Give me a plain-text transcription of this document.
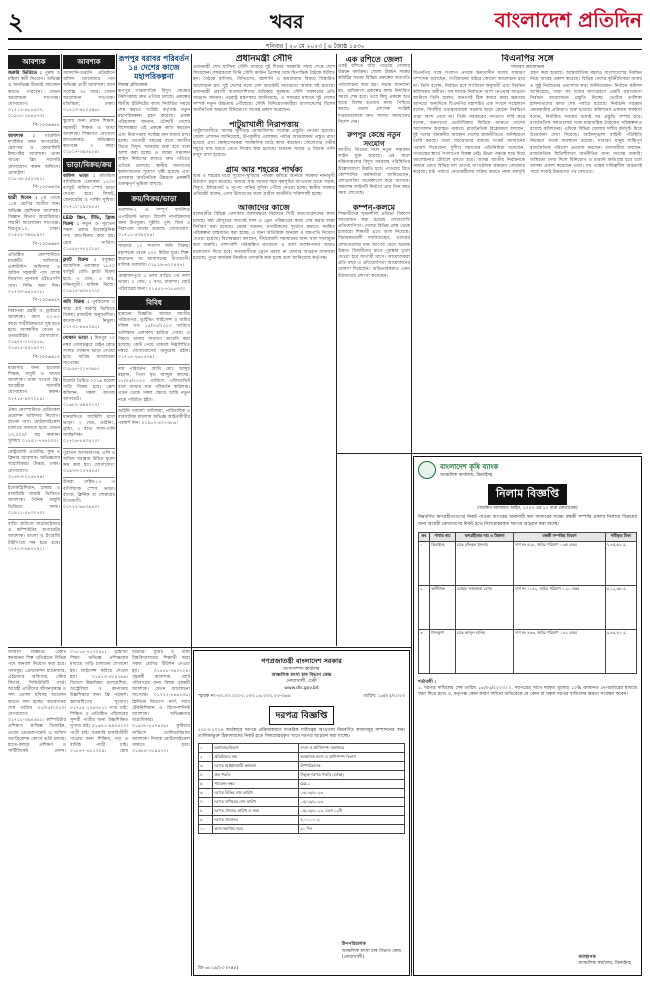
২	খবর	বাংলাদেশ প্রতিদিন
শনিবার | ২০ মে ২০২৩ | ৬ জ্যৈষ্ঠ ১৪৩০
আবশ্যক
জরুরি ভিত্তিতে : পুরুষ ও মহিলা কর্মী নিয়োগ। অভিজ্ঞ ও অনভিজ্ঞ উভয়ই আবেদন করতে পারবেন। বেতন আলোচনা সাপেক্ষে। যোগাযোগ: ০১৭১১-৪৮২৬৩০, ০১৯১৮-২৬৪৫৭৩।
পি-১২০৬৬৫৮
আবশ্যক : গার্মেন্টস ফ্যাক্টরির জন্য অপারেটর, হেলপার ও কোয়ালিটি ইন্সপেক্টর আবশ্যক। থাকা খাওয়া ফ্রি। সরাসরি যোগাযোগ করুন অফিসে। মোবাইল: ০১৮১৯-৫৫২৩৪১।
পি-১২০৬৬৩৯
ছাত্রী দিবেন : ৮ম থেকে ১০ম শ্রেণির ছাত্রীর জন্য অভিজ্ঞ গৃহশিক্ষক আবশ্যক। বিজ্ঞান বিভাগ অগ্রাধিকার। সম্মানী আলোচনা সাপেক্ষে। মিরপুর-১০, ঢাকা। ০১৫৫২-৩৪৬৮৯০।
পি-১২০৬৬৯৭
প্রতিষ্ঠিত কোম্পানিতে মার্কেটিং অফিসার, একাউন্টস অফিসার ও অফিস সহকারী পদে লোক নিয়োগ। ন্যূনতম এইচএসসি পাস। সিভি জমা দিন। ০১৭৩০-৬৫২৪১৮।
পি-১২০৬৬২৭
নিরাপত্তা প্রহরী ও ড্রাইভার আবশ্যক। বয়স ২২-৪০ বছর। শারীরিকভাবে সুস্থ হতে হবে। আকর্ষণীয় বেতন ও ওভারটাইম। যোগাযোগ: ০১৯৭৭-২৮৩৫১৬, ০১৬২৫-৪৪১৯০৭।
পি-১২০৬৬১০
মাদ্রাসার জন্য হাফেজ শিক্ষক, বাবুর্চি ও খাদেম আবশ্যক। থাকা খাওয়া ফ্রি। আগ্রহীরা সরাসরি যোগাযোগ করুন। ০১৭১৫-৯০৩২৮৪।
ঔষধ কোম্পানিতে মেডিকেল প্রমোশন অফিসার নিয়োগ। স্নাতক পাস। মোটরসাইকেল চালাতে জানতে হবে। বেতন ২০,০০০/- সহ অন্যান্য সুবিধা। ০১৮৪২-৭৭৬১০৩।
রেস্টুরেন্টে ওয়েটার, কুক ও ক্লিনার আবশ্যক। অভিজ্ঞদের অগ্রাধিকার। উত্তরা, ঢাকা। যোগাযোগ: ০১৬৭৩-২১৫৮৪৯।
ইলেকট্রিশিয়ান, প্লাম্বার ও রাজমিস্ত্রি জরুরি ভিত্তিতে আবশ্যক। দৈনিক মজুরি ভিত্তিতে কাজ। ০১৯১১-৫৮৩২৭০।
বায়িং হাউজে মার্চেন্ডাইজার ও কম্পিউটার অপারেটর আবশ্যক। বাংলা ও ইংরেজি টাইপিংয়ে দক্ষ হতে হবে। ০১৭৮৩-৬৪০২৯১।
আবশ্যক
আমদানি-রপ্তানি প্রতিষ্ঠানে অফিস ম্যানেজার পদে অভিজ্ঞ প্রার্থী আবশ্যক। বয়স সর্বোচ্চ ৩৫ বছর। বেতন আলোচনা সাপেক্ষে। মতিঝিল, ঢাকা। ০১৭১৩-৪৮২৫৯৬।
স্কুলের জন্য প্রধান শিক্ষক, সহকারী শিক্ষক ও আয়া আবশ্যক। শিক্ষাগত যোগ্যতা স্নাতকোত্তর। অভিজ্ঞতা কমপক্ষে ৩ বছর। ০১৮১৭-৩৯০৬২৪।
ভাড়া/বিক্রয়/ক্রয়
অফিস ভাড়া : মতিঝিল বাণিজ্যিক এলাকায় ১২০০ বর্গফুট অফিস স্পেস ভাড়া দেওয়া হবে। লিফট, জেনারেটর ও পার্কিং সুবিধা। ০১৭১১-২৯৩৪৮৫।
LED স্ক্রিন, টিভি, ফ্রিজ বিক্রয় : নতুন ও পুরাতন সকল প্রকার ইলেকট্রনিক্স পণ্য ক্রয়-বিক্রয় করা হয়। হোম সার্ভিস। ০১৫৫৫-৭৮২৩১৪।
ফ্ল্যাট বিক্রয় : বসুন্ধরা আবাসিক এলাকায় ১৮৫০ বর্গফুট রেডি ফ্ল্যাট বিক্রয় হবে। ৩ বেড, ৩ বাথ, দক্ষিণমুখী। মালিক নিজে। ০১৯১৫-৬৩৮২৭১।
জমি বিক্রয় : পূর্বাচলের ৩ কাঠা প্লট জরুরি ভিত্তিতে বিক্রয়। রাজউক অনুমোদিত। কাগজপত্র নির্ভুল। ০১৭৩১-৪৬৫০৯২।
দোকান ভাড়া : মিরপুর ১০ নম্বর গোলচত্বরে মেইন রোড সংলগ্ন দোকান ভাড়া দেওয়া হবে। অগ্রিম আলোচনা সাপেক্ষে। ০১৮৪৫-২১৭৩৬৮।
টয়োটা প্রিমিও ২০১৬ মডেল গাড়ি বিক্রয় হবে। ফ্রেশ কন্ডিশন, সকল কাগজ আপডেট। ০১৬৮২-৫৯৪০১৭।
ধানমন্ডিতে ফ্যামিলি বাসা ভাড়া। ২ বেড, ডাইনিং, ড্রয়িং, ২ বাথ। গ্যাস-পানি সার্বক্ষণিক। ০১৭২৬-৮৪৩৫১০।
পুরাতন আসবাবপত্র, এসি ও অফিস সরঞ্জাম উচিত মূল্যে ক্রয় করা হয়। যোগাযোগ: ০১৯৩৩-২০৭৪৮৫।
উত্তরা সেক্টর-১২ এ বাণিজ্যিক স্পেস ভাড়া। ব্যাংক, ক্লিনিক বা শোরুমের উপযোগী। ০১৭১২-৬৮৩৯৪০।
রূপপুর বরাবর পরিবর্তন ১৪ দেশের কাজে মহাপরিকল্পনা
নিজস্ব প্রতিবেদক
রূপপুর পারমাণবিক বিদ্যুৎ কেন্দ্রের নির্মাণকাজ দ্রুত এগিয়ে চলছে। প্রকল্পের দ্বিতীয় ইউনিটের কাজ নির্ধারিত সময়ে শেষ করতে সংশ্লিষ্ট কর্তৃপক্ষ নতুন মহাপরিকল্পনা গ্রহণ করেছে। প্রকল্প পরিচালক জানান, চৌদ্দটি দেশের বিশেষজ্ঞরা এই প্রকল্পে কাজ করছেন এবং নিরাপত্তার সর্বোচ্চ মান বজায় রাখা হচ্ছে। আগামী বছরের মধ্যে জাতীয় গ্রিডে বিদ্যুৎ সরবরাহ শুরু হবে বলে আশা করা হচ্ছে। এ লক্ষ্যে সঞ্চালন লাইন নির্মাণের কাজও দ্রুত গতিতে এগিয়ে চলেছে। স্থানীয় জনগণের কর্মসংস্থানের সুযোগ সৃষ্টি হয়েছে এবং এলাকার অর্থনৈতিক উন্নয়নে প্রকল্পটি গুরুত্বপূর্ণ ভূমিকা রাখছে।
ক্রয়/বিক্রয়/ভাড়া
গুলশান-২ এ সম্পূর্ণ ফার্নিশড এপার্টমেন্ট ভাড়া। বিদেশি নাগরিকদের জন্য উপযুক্ত। সুইমিং পুল, জিম ও নিরাপত্তা ব্যবস্থা রয়েছে। যোগাযোগ: ০১৭১১-৫৩৯২৮৪।
সাভারে ১০ শতাংশ জমি বিক্রয়। মহাসড়ক থেকে ২০০ মিটার দূরে। শিল্প-কারখানা বা আবাসনের উপযোগী। মালিক সরাসরি। ০১৮১৯-৬২০৪৫৭।
মোহাম্মদপুরে ৫ তলা বাড়ির ৩য় তলা ভাড়া। ৩ বেড, ২ বাথ, বারান্দা। ছোট পরিবারের জন্য। ০১৫৫২-৭১৮৬৩০।
বিবিধ
হারানো বিজ্ঞপ্তি: আমার জাতীয় পরিচয়পত্র, ড্রাইভিং লাইসেন্স ও জমির দলিল গত ১৫/০৫/২০২৩ তারিখে গুলিস্তান এলাকায় হারিয়ে গেছে। এ বিষয়ে থানায় সাধারণ ডায়েরি করা হয়েছে। কেউ পেয়ে থাকলে নিম্নলিখিত নম্বরে যোগাযোগের অনুরোধ রইল। ০১৭১৪-২৬৮৫৩৯।
নাম পরিবর্তন: আমি মোঃ আব্দুর রহমান, পিতা মৃত আব্দুল কাদের, ১৮/০৫/২০২৩ তারিখে এফিডেভিট বলে আমার নাম পরিবর্তন করিলাম। এখন থেকে সকল ক্ষেত্রে আমি নতুন নামে পরিচিত হইব।
আইনি পরামর্শ: জমিজমা, পারিবারিক ও ব্যবসায়িক মামলায় অভিজ্ঞ আইনজীবীর পরামর্শ নিন। ০১৯১২-৪০৭৩৮৬।
প্রধানমন্ত্রী সৌদি
প্রধানমন্ত্রী শেখ হাসিনা সৌদি আরবে দুই দিনের সরকারি সফর শেষে দেশে ফিরেছেন। সফরকালে তিনি সৌদি ক্রাউন প্রিন্সের সঙ্গে দ্বিপাক্ষিক বৈঠকে মিলিত হন। বৈঠকে বাণিজ্য, বিনিয়োগ, জ্বালানি ও শ্রমবাজার বিষয়ে বিস্তারিত আলোচনা হয়। দুই দেশের মধ্যে বেশ কয়েকটি সমঝোতা স্মারক সই হয়েছে। প্রধানমন্ত্রী প্রবাসী বাংলাদেশিদের অধিকার সুরক্ষায় সৌদি সরকারের প্রতি আহ্বান জানান। পররাষ্ট্র মন্ত্রণালয় জানিয়েছে, এ সফরের মাধ্যমে দুই দেশের সম্পর্ক নতুন উচ্চতায় পৌঁছেছে। সৌদি বিনিয়োগকারীরা বাংলাদেশের বিশেষ অর্থনৈতিক অঞ্চলে বিনিয়োগে আগ্রহ প্রকাশ করেছেন।
পাটুয়াখালী নিরাপত্তায়
পাটুয়াখালীতে আসন্ন ঘূর্ণিঝড় মোকাবিলায় সর্বোচ্চ প্রস্তুতি নেওয়া হয়েছে। জেলা প্রশাসন জানিয়েছে, উপকূলীয় এলাকায় পর্যাপ্ত আশ্রয়কেন্দ্র প্রস্তুত রাখা হয়েছে এবং স্বেচ্ছাসেবকরা সার্বক্ষণিক মাঠে কাজ করছেন। জেলেদের গভীর সমুদ্রে মাছ ধরতে যেতে নিষেধ করা হয়েছে। শুকনো খাবার ও বিশুদ্ধ পানি মজুদ রাখা হয়েছে।
গ্রাম আর শহরের পার্থক্য
গ্রাম ও শহরের মধ্যে সুযোগ-সুবিধার পার্থক্য কমিয়ে আনতে সরকার নানামুখী উদ্যোগ গ্রহণ করেছে। আমার গ্রাম আমার শহর কর্মসূচির আওতায় গ্রামে সড়ক, বিদ্যুৎ, ইন্টারনেট ও সুপেয় পানির সুবিধা পৌঁছে দেওয়া হচ্ছে। স্থানীয় সরকার প্রতিমন্ত্রী বলেন, এসব উদ্যোগের ফলে গ্রামীণ অর্থনীতি শক্তিশালী হচ্ছে।
আজাদের কাজে
রাজধানীর বিভিন্ন এলাকায় জলাবদ্ধতা নিরসনে সিটি করপোরেশনের কাজ চলছে। বর্ষা মৌসুমের আগেই খাল ও ড্রেন পরিষ্কারের কাজ শেষ করার লক্ষ্য নির্ধারণ করা হয়েছে। মেয়র জানান, নাগরিকদের দুর্ভোগ কমাতে সমন্বিত পরিকল্পনা বাস্তবায়ন করা হচ্ছে। এ জন্য অতিরিক্ত জনবল ও যন্ত্রপাতি নিয়োগ দেওয়া হয়েছে। বিশেষজ্ঞরা বলছেন, দীর্ঘমেয়াদি সমাধানের জন্য খাল দখলমুক্ত করা জরুরি। পাশাপাশি পরিকল্পিত নগরায়ণ ও বর্জ্য ব্যবস্থাপনায় আরও মনোযোগ দিতে হবে। নগরবাসীকে ড্রেনে ময়লা না ফেলার আহ্বান জানানো হয়েছে। পুরো কার্যক্রম নিয়মিত তদারকি করা হচ্ছে বলে জানিয়েছে কর্তৃপক্ষ।
এক রশিতে জেলা
একই রশিতে বাঁধা পড়েছে জেলার উন্নয়ন কার্যক্রম। জেলা উন্নয়ন সমন্বয় কমিটির সভায় বিভিন্ন প্রকল্পের অগ্রগতি পর্যালোচনা করা হয়। সভায় জানানো হয়, অধিকাংশ প্রকল্পের কাজ নির্ধারিত সময়ে শেষ হবে। তবে কিছু প্রকল্পে অর্থ ছাড়ে বিলম্ব হওয়ায় কাজ পিছিয়ে আছে। জেলা প্রশাসক সংশ্লিষ্ট দপ্তরগুলোকে দ্রুত সমস্যা সমাধানের নির্দেশ দেন।
রুপপুর কেন্দ্রে নতুন সংযোগ
জাতীয় গ্রিডের সঙ্গে নতুন সঞ্চালন লাইন যুক্ত হয়েছে। এর ফলে দক্ষিণাঞ্চলের বিদ্যুৎ সরবরাহ পরিস্থিতির উল্লেখযোগ্য উন্নতি হবে। পাওয়ার গ্রিড কোম্পানির কর্মকর্তারা জানিয়েছেন, লোডশেডিং অনেকাংশে কমে আসবে। সঞ্চালন লাইনটি নির্মাণে প্রায় তিন বছর সময় লেগেছে।
কম্পন-কলমে
শিক্ষার্থীদের সৃজনশীল প্রতিভা বিকাশে আয়োজন করা হয়েছে লেখালেখি প্রতিযোগিতা। দেশের বিভিন্ন প্রান্ত থেকে হাজারো শিক্ষার্থী এতে অংশ নিয়েছে। বিচারকমণ্ডলী জানিয়েছেন, এবারের লেখাগুলোর মান আগের চেয়ে অনেক উন্নত। বিজয়ীদের হাতে পুরস্কার তুলে দেওয়া হবে আগামী মাসে। আয়োজকরা প্রতি বছর এ প্রতিযোগিতা আয়োজনের ঘোষণা দিয়েছেন। অভিভাবকরাও এমন উদ্যোগের প্রশংসা করেছেন।
বিএনপির সঙ্গে
সাধারণ আলোচনা
বিএনপির সঙ্গে সংলাপ প্রসঙ্গে ক্ষমতাসীন দলের সাধারণ সম্পাদক বলেছেন, সংবিধানের বাইরে কোনো আলোচনা হবে না। তিনি বলেন, নির্বাচন হবে সংবিধান অনুযায়ী এবং নির্বাচন কমিশনের অধীনে। সব দলকে নির্বাচনে অংশ নেওয়ার আহ্বান জানিয়ে তিনি বলেন, জনগণই ঠিক করবে কারা ক্ষমতায় আসবে। অন্যদিকে বিএনপির মহাসচিব এক সংবাদ সম্মেলনে বলেন, নির্দলীয় তত্ত্বাবধায়ক সরকার ছাড়া কোনো নির্বাচনে তারা অংশ নেবে না। তিনি সরকারের পদত্যাগ দাবি করে বলেন, জনগণের ভোটাধিকার ফিরিয়ে আনতে তাদের আন্দোলন অব্যাহত থাকবে। রাজনৈতিক বিশ্লেষকরা বলছেন, দুই দলের অনমনীয় অবস্থান দেশের রাজনীতিতে অনিশ্চয়তা তৈরি করছে। তারা সমঝোতার মাধ্যমে সংকট সমাধানের পরামর্শ দিয়েছেন। সুশীল সমাজের প্রতিনিধিরা বলেছেন, গণতন্ত্রের স্বার্থে সংলাপের বিকল্প নেই। উভয় পক্ষকে ছাড় দিয়ে আলোচনার টেবিলে বসতে হবে। আসন্ন জাতীয় নির্বাচনকে সামনে রেখে বিভিন্ন দল তাদের সাংগঠনিক কার্যক্রম জোরদার করেছে। মাঠ পর্যায়ে নেতাকর্মীদের সক্রিয় করতে নানা কর্মসূচি গ্রহণ করা হয়েছে। আন্তর্জাতিক মহলও বাংলাদেশের নির্বাচন নিয়ে আগ্রহ প্রকাশ করেছে। বিভিন্ন দেশের কূটনীতিকরা অবাধ ও সুষ্ঠু নির্বাচনের প্রত্যাশার কথা জানিয়েছেন। নির্বাচন কমিশন জানিয়েছে, তারা সব দলের অংশগ্রহণে একটি গ্রহণযোগ্য নির্বাচন আয়োজনে প্রস্তুতি নিচ্ছে। ভোটার তালিকা হালনাগাদের কাজ শেষ পর্যায়ে রয়েছে। নির্বাচনি সরঞ্জাম কেনাকাটার প্রক্রিয়াও শুরু হয়েছে। কমিশনের একজন কর্মকর্তা বলেন, নির্ধারিত সময়ের মধ্যেই সব প্রস্তুতি সম্পন্ন হবে। রাজনৈতিক দলগুলোর সঙ্গে ধারাবাহিক বৈঠকের পরিকল্পনাও রয়েছে কমিশনের। এদিকে বিভিন্ন জেলায় দলীয় কর্মসূচি ঘিরে উত্তেজনা দেখা দিয়েছে। আইনশৃঙ্খলা বাহিনী পরিস্থিতি নিয়ন্ত্রণে সতর্ক অবস্থানে রয়েছে। সাধারণ মানুষ শান্তিপূর্ণ রাজনৈতিক পরিবেশ প্রত্যাশা করছেন। ব্যবসায়ীরা বলছেন, রাজনৈতিক স্থিতিশীলতা অর্থনীতির জন্য অত্যন্ত জরুরি। অস্থিরতা দেখা দিলে বিনিয়োগ ও রপ্তানি ক্ষতিগ্রস্ত হবে বলে আশঙ্কা প্রকাশ করেছেন তারা। সব পক্ষের দায়িত্বশীল আচরণই পারে সংকট উত্তরণের পথ দেখাতে।
গণপ্রজাতন্ত্রী বাংলাদেশ সরকার
মৎস্যসম্পদ কার্যালয়
আঞ্চলিক মৎস্য চাষ বিভাগ কেন্দ্র
নোয়াখালী, ঢেমী
www.dls.gov.bd
স্মারক নং-৩৩.০৩.০০০০.১৩৩.১৬.০৩৩.২৩-৩৬৬	তারিখ: ১৬/০৫/২০২৩
দরপত্র বিজ্ঞপ্তি
২০২৩-২০২৪ অর্থবছরে দরপত্র প্রক্রিয়াকরণে দাপ্তরিক দায়িত্বের আওতায় নিম্নবর্ণিত কাজসমূহ সম্পাদনের জন্য তালিকাভুক্ত ঠিকাদারদের নিকট হতে সিলমোহরকৃত খামে দরপত্র আহ্বান করা যাচ্ছে।
১	মন্ত্রণালয়/বিভাগ	মৎস্য ও প্রাণিসম্পদ মন্ত্রণালয়
২	প্রতিষ্ঠানের নাম	আঞ্চলিক মৎস্য ও প্রাণিসম্পদ বিভাগ
৩	দরপত্র আহ্বানকারী কর্মকর্তা	উপপরিচালক
৪	ক্রয় পদ্ধতি	উন্মুক্ত দরপত্র পদ্ধতি (OTM)
৫	প্যাকেজ নম্বর	GD-১
৬	দরপত্র বিক্রির শেষ তারিখ	০৪/০৬/২০২৩
৭	দরপত্র দাখিলের শেষ তারিখ	০৫/০৬/২০২৩
৮	দরপত্র খোলার তারিখ ও সময়	০৫/০৬/২০২৩, বেলা ১২টা
৯	দরপত্র জামানত	৫,০০,০০০/-
১০	কাজ সমাপ্তির সময়	৯০ দিন
উপপরিচালক
আঞ্চলিক মৎস্য চাষ বিভাগ কেন্দ্র
(নোয়াখালী)
জি-৬৮১৯/২৩ (৭x৪)
বাংলাদেশ কৃষি ব্যাংক
আঞ্চলিক কার্যালয়, ঝিনাইদহ
নিলাম বিজ্ঞপ্তি
(অর্থঋণ আদালত আইন, ২০০৩ এর ১২ ধারা মোতাবেক)
নিম্নবর্ণিত ঋণগ্রহীতাগণের নিকট পাওনা ব্যাংকের অনাদায়ী ঋণ আদায়ের লক্ষ্যে বন্ধকী সম্পত্তি প্রকাশ্য নিলামে বিক্রয়ের জন্য আগ্রহী ক্রেতাগণের নিকট হতে সিলমোহরকৃত দরপত্র আহ্বান করা যাচ্ছে।
ক্রঃ	শাখার নাম	ঋণগ্রহীতার নাম ও ঠিকানা	বন্ধকী সম্পত্তির বিবরণ	দাবীকৃত টাকা
১	ঝিনাইদহ	মোঃ রফিকুল ইসলাম	দাগ নং ৫২৮, জমির পরিমাণ ০.৩৫ একর	৭,৪৫,৬২০/-
২	কালীগঞ্জ	মোছাঃ জাহানারা বেগম	দাগ নং ১১৪২, জমির পরিমাণ ০.২০ একর	৫,১২,৩৮০/-
৩	শৈলকুপা	মোঃ আব্দুল হালিম	দাগ নং ৭৬৩, জমির পরিমাণ ০.৪২ একর	৯,৮৬,৪১০/-
শর্তাবলী :
১. দরপত্র দাখিলের শেষ তারিখ ১৫/০৬/২০২৩। ২. দরপত্রের সাথে দরকৃত মূল্যের ১০% জামানত পে-অর্ডারের মাধ্যমে জমা দিতে হবে। ৩. কর্তৃপক্ষ কোন কারণ দর্শানো ব্যতিরেকে যে কোন বা সকল দরপত্র বাতিলের ক্ষমতা সংরক্ষণ করেন।
ব্যবস্থাপক
আঞ্চলিক কার্যালয়, ঝিনাইদহ
নিয়োগ বিজ্ঞপ্তি: একটি স্বনামধন্য শিল্প প্রতিষ্ঠানে বিভিন্ন পদে জনবল নিয়োগ করা হবে। পদসমূহ: প্রোডাকশন ম্যানেজার, এইচআর অফিসার, স্টোর কিপার, সিকিউরিটি গার্ড। আগ্রহী প্রার্থীদের জীবনবৃত্তান্ত ও সদ্য তোলা ছবিসহ আবেদন করতে বলা হচ্ছে। আবেদনের শেষ তারিখ ৩১/০৫/২০২৩। যোগাযোগ: ০১৭১১-৩৯৪৫৬২। কম্পিউটার প্রশিক্ষণ: গ্রাফিক্স ডিজাইন, ওয়েব ডেভেলপমেন্ট ও অফিস অ্যাপ্লিকেশন কোর্সে ভর্তি চলছে। হাতে-কলমে প্রশিক্ষণ ও সার্টিফিকেট প্রদান। ০১৮১৫-৭২৩০৪৮। ড্রাইভিং শিক্ষা: অভিজ্ঞ প্রশিক্ষকের মাধ্যমে গাড়ি চালানো শেখানো হয়। লাইসেন্স করিয়ে দেওয়া হয়। ০১৯১৩-৫৮৪২৬৯। বিদেশে উচ্চশিক্ষা: মালয়েশিয়া, অস্ট্রেলিয়া ও কানাডায় উচ্চশিক্ষার জন্য ফ্রি পরামর্শ। স্কলারশিপের সুযোগ। ০১৭৫৫-২০৬৩৮১। পাত্র চাই: শিক্ষিত ও প্রতিষ্ঠিত পরিবারের সুন্দরী পাত্রীর জন্য উচ্চশিক্ষিত সুপাত্র চাই। ০১৬৭১-৪৯৩৫২০। পাত্রী চাই: সরকারি চাকরিজীবী পাত্রের জন্য শিক্ষিত, নম্র ও ধার্মিক পাত্রী চাই। ০১৮৪৭-৬২১৩০৯। হোম টিউটর: বুয়েট ও ঢাকা বিশ্ববিদ্যালয়ের শিক্ষার্থী দ্বারা সকল শ্রেণির টিউশন দেওয়া হয়। ০১৫৫৮-৩৯০৭২৪। গৃহকর্মী আবশ্যক: ছোট পরিবারের জন্য বিশ্বস্ত গৃহকর্মী আবশ্যক। বেতন আলোচনা সাপেক্ষে। ০১৭২২-৮৪৬১৩৫। ক্লিনিকে নিয়োগ: নার্স, ল্যাব টেকনিশিয়ান ও রিসেপশনিস্ট আবশ্যক। অভিজ্ঞদের অগ্রাধিকার। ০১৯৩৮-২৫৭৪০৬। কুরিয়ার সার্ভিসে ডেলিভারিম্যান আবশ্যক। নিজস্ব মোটরসাইকেল থাকতে হবে। ০১৬৮৪-৩১৯৫৭২।
